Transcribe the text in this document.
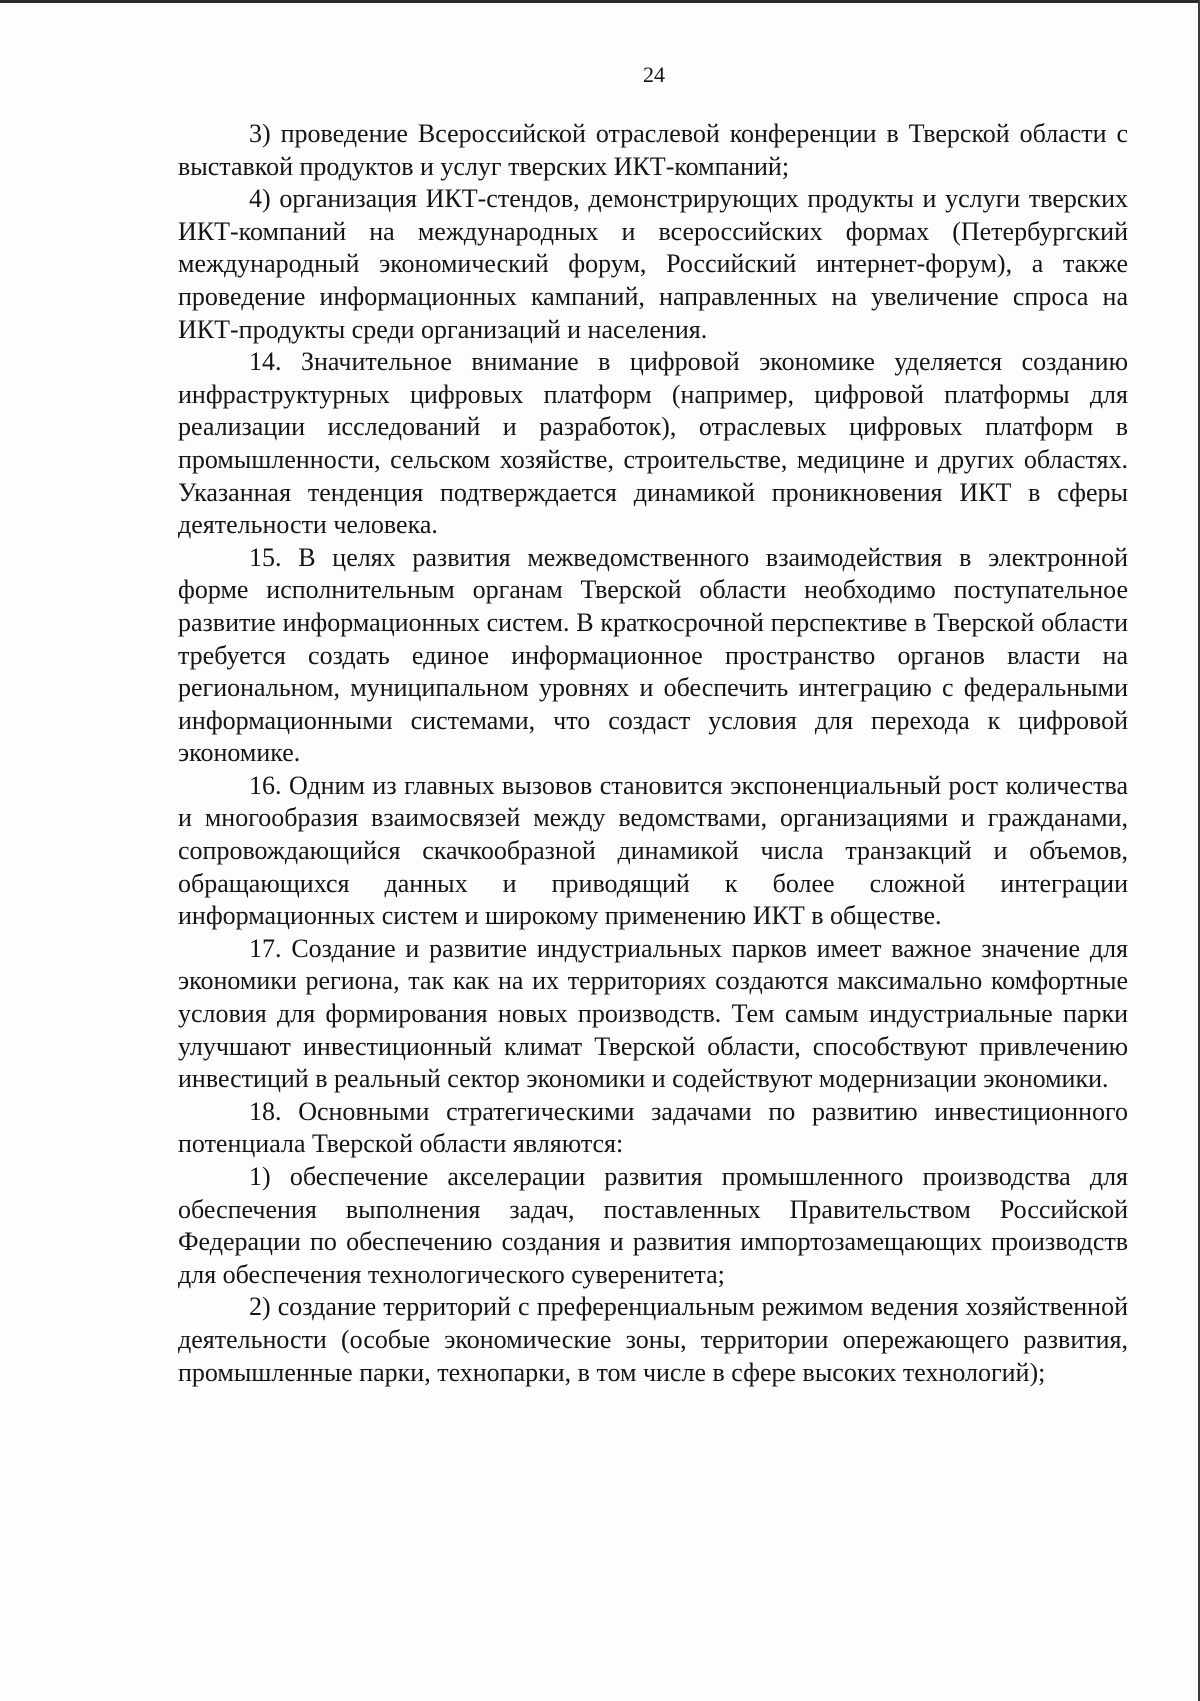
24

3) проведение Всероссийской отраслевой конференции в Тверской области с выставкой продуктов и услуг тверских ИКТ-компаний;

4) организация ИКТ-стендов, демонстрирующих продукты и услуги тверских ИКТ-компаний на международных и всероссийских формах (Петербургский международный экономический форум, Российский интернет-форум), а также проведение информационных кампаний, направленных на увеличение спроса на ИКТ-продукты среди организаций и населения.

14. Значительное внимание в цифровой экономике уделяется созданию инфраструктурных цифровых платформ (например, цифровой платформы для реализации исследований и разработок), отраслевых цифровых платформ в промышленности, сельском хозяйстве, строительстве, медицине и других областях. Указанная тенденция подтверждается динамикой проникновения ИКТ в сферы деятельности человека.

15. В целях развития межведомственного взаимодействия в электронной форме исполнительным органам Тверской области необходимо поступательное развитие информационных систем. В краткосрочной перспективе в Тверской области требуется создать единое информационное пространство органов власти на региональном, муниципальном уровнях и обеспечить интеграцию с федеральными информационными системами, что создаст условия для перехода к цифровой экономике.

16. Одним из главных вызовов становится экспоненциальный рост количества и многообразия взаимосвязей между ведомствами, организациями и гражданами, сопровождающийся скачкообразной динамикой числа транзакций и объемов, обращающихся данных и приводящий к более сложной интеграции информационных систем и широкому применению ИКТ в обществе.

17. Создание и развитие индустриальных парков имеет важное значение для экономики региона, так как на их территориях создаются максимально комфортные условия для формирования новых производств. Тем самым индустриальные парки улучшают инвестиционный климат Тверской области, способствуют привлечению инвестиций в реальный сектор экономики и содействуют модернизации экономики.

18. Основными стратегическими задачами по развитию инвестиционного потенциала Тверской области являются:

1) обеспечение акселерации развития промышленного производства для обеспечения выполнения задач, поставленных Правительством Российской Федерации по обеспечению создания и развития импортозамещающих производств для обеспечения технологического суверенитета;

2) создание территорий с преференциальным режимом ведения хозяйственной деятельности (особые экономические зоны, территории опережающего развития, промышленные парки, технопарки, в том числе в сфере высоких технологий);
